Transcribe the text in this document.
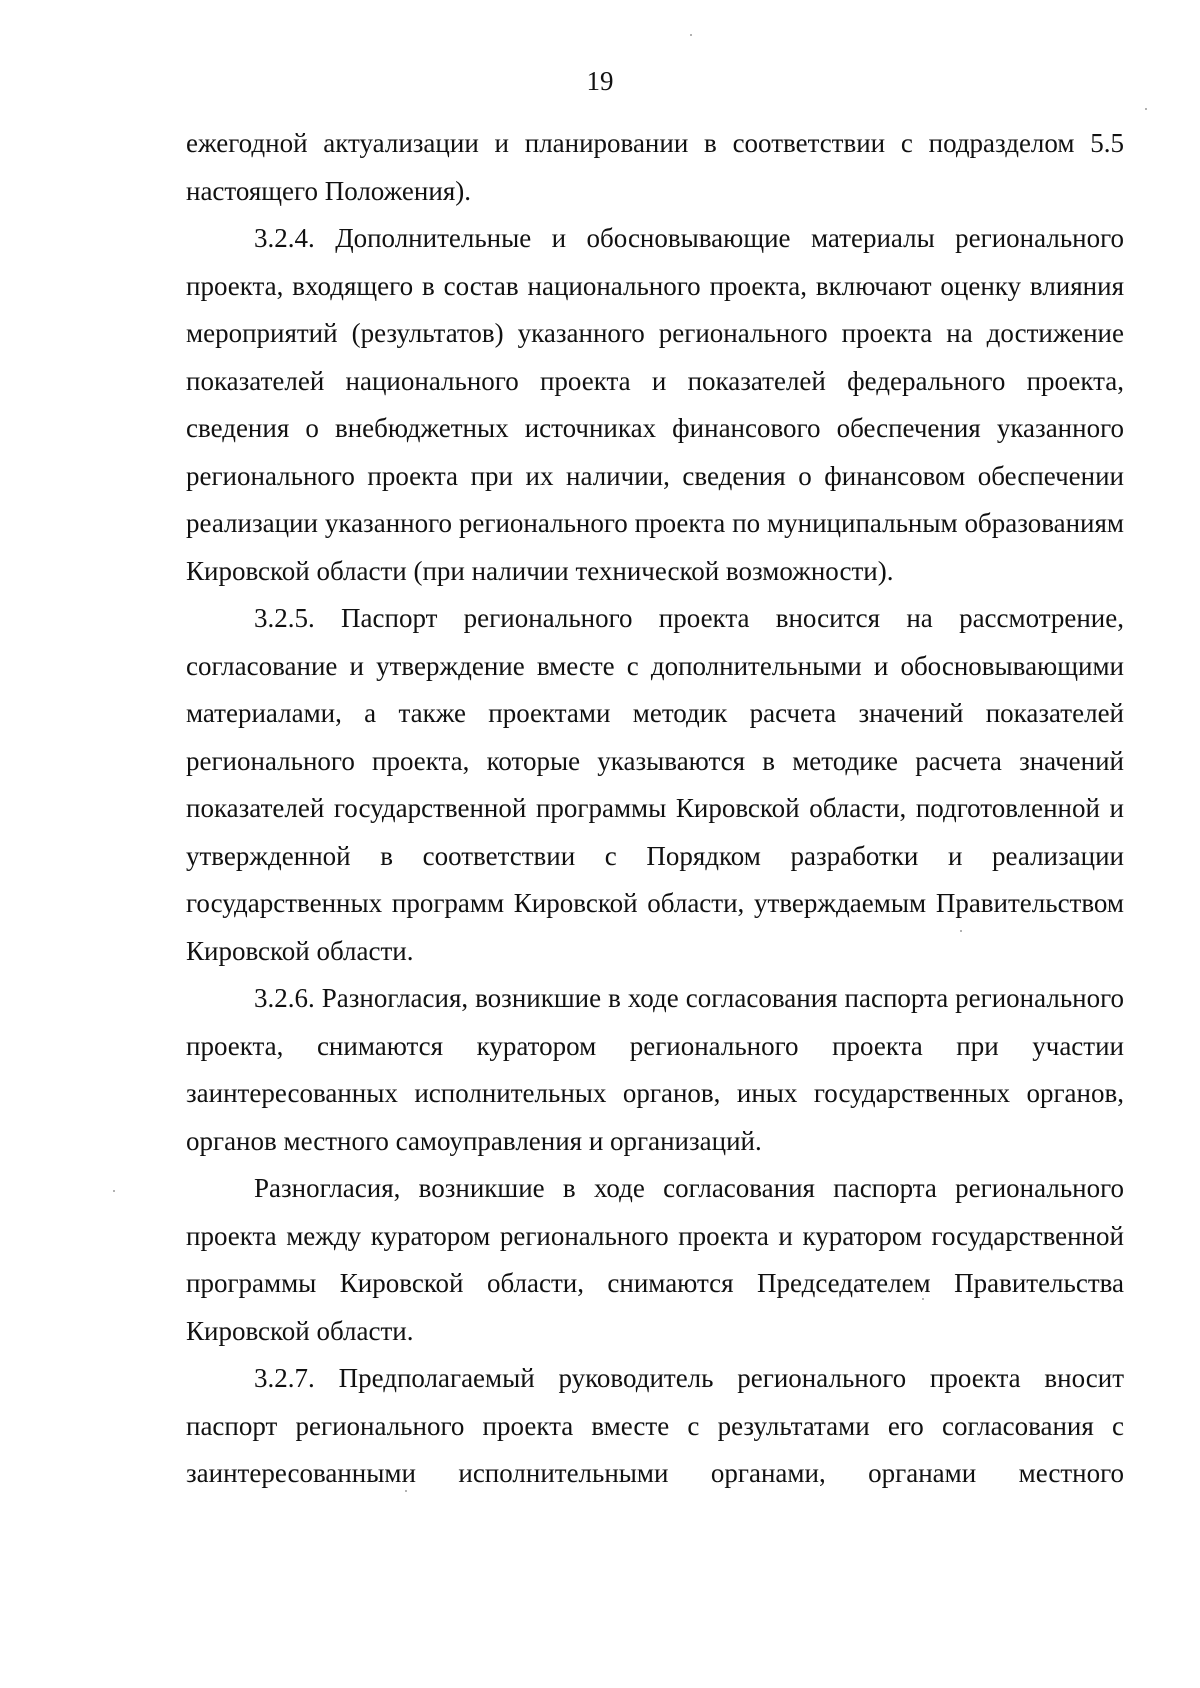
19

ежегодной актуализации и планировании в соответствии с подразделом 5.5 настоящего Положения).

3.2.4. Дополнительные и обосновывающие материалы регионального проекта, входящего в состав национального проекта, включают оценку влияния мероприятий (результатов) указанного регионального проекта на достижение показателей национального проекта и показателей федерального проекта, сведения о внебюджетных источниках финансового обеспечения указанного регионального проекта при их наличии, сведения о финансовом обеспечении реализации указанного регионального проекта по муниципальным образованиям Кировской области (при наличии технической возможности).

3.2.5. Паспорт регионального проекта вносится на рассмотрение, согласование и утверждение вместе с дополнительными и обосновывающими материалами, а также проектами методик расчета значений показателей регионального проекта, которые указываются в методике расчета значений показателей государственной программы Кировской области, подготовленной и утвержденной в соответствии с Порядком разработки и реализации государственных программ Кировской области, утверждаемым Правительством Кировской области.

3.2.6. Разногласия, возникшие в ходе согласования паспорта регионального проекта, снимаются куратором регионального проекта при участии заинтересованных исполнительных органов, иных государственных органов, органов местного самоуправления и организаций.

Разногласия, возникшие в ходе согласования паспорта регионального проекта между куратором регионального проекта и куратором государственной программы Кировской области, снимаются Председателем Правительства Кировской области.

3.2.7. Предполагаемый руководитель регионального проекта вносит паспорт регионального проекта вместе с результатами его согласования с заинтересованными исполнительными органами, органами местного
